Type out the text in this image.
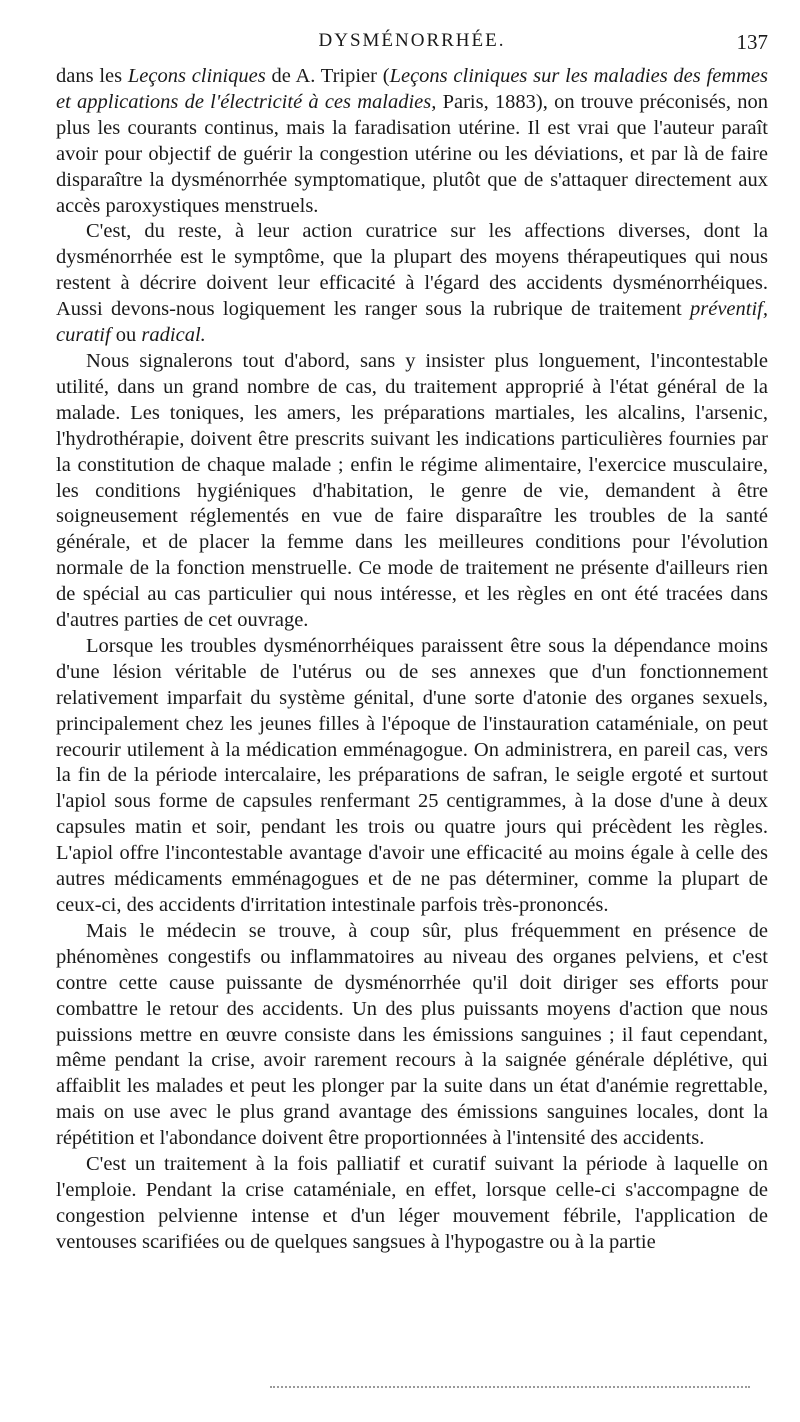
DYSMÉNORRHÉE.	137

dans les Leçons cliniques de A. Tripier (Leçons cliniques sur les maladies des femmes et applications de l'électricité à ces maladies, Paris, 1883), on trouve préconisés, non plus les courants continus, mais la faradisation utérine. Il est vrai que l'auteur paraît avoir pour objectif de guérir la congestion utérine ou les déviations, et par là de faire disparaître la dysménorrhée symptomatique, plutôt que de s'attaquer directement aux accès paroxystiques menstruels.

C'est, du reste, à leur action curatrice sur les affections diverses, dont la dysménorrhée est le symptôme, que la plupart des moyens thérapeutiques qui nous restent à décrire doivent leur efficacité à l'égard des accidents dysménorrhéiques. Aussi devons-nous logiquement les ranger sous la rubrique de traitement préventif, curatif ou radical.

Nous signalerons tout d'abord, sans y insister plus longuement, l'incontestable utilité, dans un grand nombre de cas, du traitement approprié à l'état général de la malade. Les toniques, les amers, les préparations martiales, les alcalins, l'arsenic, l'hydrothérapie, doivent être prescrits suivant les indications particulières fournies par la constitution de chaque malade ; enfin le régime alimentaire, l'exercice musculaire, les conditions hygiéniques d'habitation, le genre de vie, demandent à être soigneusement réglementés en vue de faire disparaître les troubles de la santé générale, et de placer la femme dans les meilleures conditions pour l'évolution normale de la fonction menstruelle. Ce mode de traitement ne présente d'ailleurs rien de spécial au cas particulier qui nous intéresse, et les règles en ont été tracées dans d'autres parties de cet ouvrage.

Lorsque les troubles dysménorrhéiques paraissent être sous la dépendance moins d'une lésion véritable de l'utérus ou de ses annexes que d'un fonctionnement relativement imparfait du système génital, d'une sorte d'atonie des organes sexuels, principalement chez les jeunes filles à l'époque de l'instauration cataméniale, on peut recourir utilement à la médication emménagogue. On administrera, en pareil cas, vers la fin de la période intercalaire, les préparations de safran, le seigle ergoté et surtout l'apiol sous forme de capsules renfermant 25 centigrammes, à la dose d'une à deux capsules matin et soir, pendant les trois ou quatre jours qui précèdent les règles. L'apiol offre l'incontestable avantage d'avoir une efficacité au moins égale à celle des autres médicaments emménagogues et de ne pas déterminer, comme la plupart de ceux-ci, des accidents d'irritation intestinale parfois très-prononcés.

Mais le médecin se trouve, à coup sûr, plus fréquemment en présence de phénomènes congestifs ou inflammatoires au niveau des organes pelviens, et c'est contre cette cause puissante de dysménorrhée qu'il doit diriger ses efforts pour combattre le retour des accidents. Un des plus puissants moyens d'action que nous puissions mettre en œuvre consiste dans les émissions sanguines ; il faut cependant, même pendant la crise, avoir rarement recours à la saignée générale déplétive, qui affaiblit les malades et peut les plonger par la suite dans un état d'anémie regrettable, mais on use avec le plus grand avantage des émissions sanguines locales, dont la répétition et l'abondance doivent être proportionnées à l'intensité des accidents.

C'est un traitement à la fois palliatif et curatif suivant la période à laquelle on l'emploie. Pendant la crise cataméniale, en effet, lorsque celle-ci s'accompagne de congestion pelvienne intense et d'un léger mouvement fébrile, l'application de ventouses scarifiées ou de quelques sangsues à l'hypogastre ou à la partie
